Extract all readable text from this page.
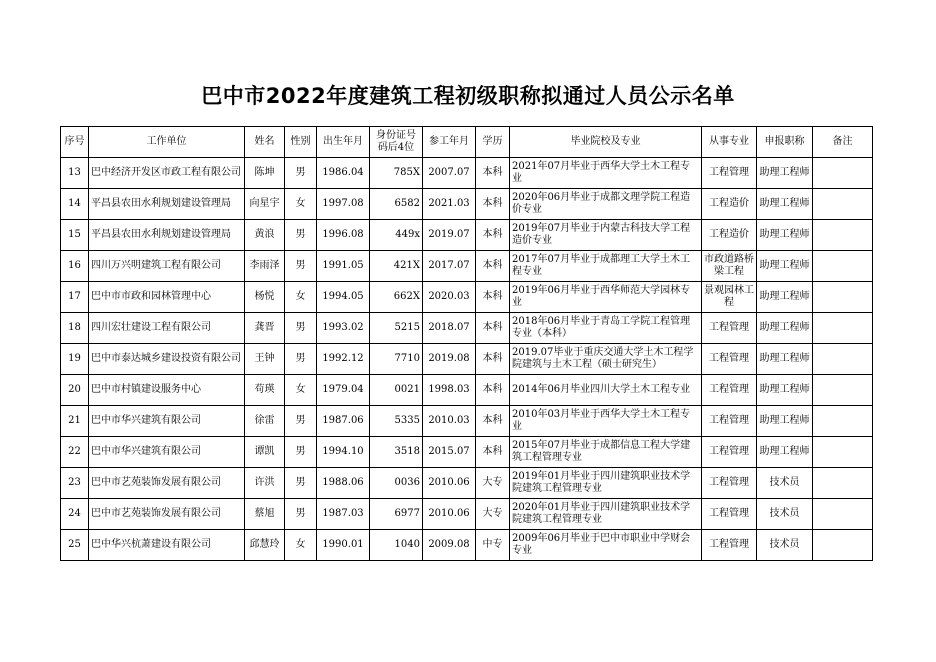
巴中市2022年度建筑工程初级职称拟通过人员公示名单
序号	工作单位	姓名	性别	出生年月	身份证号码后4位	参工年月	学历	毕业院校及专业	从事专业	申报职称	备注
13	巴中经济开发区市政工程有限公司	陈坤	男	1986.04	785X	2007.07	本科	2021年07月毕业于西华大学土木工程专业	工程管理	助理工程师	
14	平昌县农田水利规划建设管理局	向星宇	女	1997.08	6582	2021.03	本科	2020年06月毕业于成都文理学院工程造价专业	工程造价	助理工程师	
15	平昌县农田水利规划建设管理局	黄浪	男	1996.08	449x	2019.07	本科	2019年07月毕业于内蒙古科技大学工程造价专业	工程造价	助理工程师	
16	四川万兴明建筑工程有限公司	李雨泽	男	1991.05	421X	2017.07	本科	2017年07月毕业于成都理工大学土木工程专业	市政道路桥梁工程	助理工程师	
17	巴中市市政和园林管理中心	杨悦	女	1994.05	662X	2020.03	本科	2019年06月毕业于西华师范大学园林专业	景观园林工程	助理工程师	
18	四川宏壮建设工程有限公司	龚晋	男	1993.02	5215	2018.07	本科	2018年06月毕业于青岛工学院工程管理专业（本科）	工程管理	助理工程师	
19	巴中市泰达城乡建设投资有限公司	王钟	男	1992.12	7710	2019.08	本科	2019.07毕业于重庆交通大学土木工程学院建筑与土木工程（硕士研究生）	工程管理	助理工程师	
20	巴中市村镇建设服务中心	苟瑛	女	1979.04	0021	1998.03	本科	2014年06月毕业四川大学土木工程专业	工程管理	助理工程师	
21	巴中市华兴建筑有限公司	徐雷	男	1987.06	5335	2010.03	本科	2010年03月毕业于西华大学土木工程专业	工程管理	助理工程师	
22	巴中市华兴建筑有限公司	谭凯	男	1994.10	3518	2015.07	本科	2015年07月毕业于成都信息工程大学建筑工程管理专业	工程管理	助理工程师	
23	巴中市艺苑装饰发展有限公司	许洪	男	1988.06	0036	2010.06	大专	2019年01月毕业于四川建筑职业技术学院建筑工程管理专业	工程管理	技术员	
24	巴中市艺苑装饰发展有限公司	蔡旭	男	1987.03	6977	2010.06	大专	2020年01月毕业于四川建筑职业技术学院建筑工程管理专业	工程管理	技术员	
25	巴中华兴杭萧建设有限公司	邱慧玲	女	1990.01	1040	2009.08	中专	2009年06月毕业于巴中市职业中学财会专业	工程管理	技术员	
